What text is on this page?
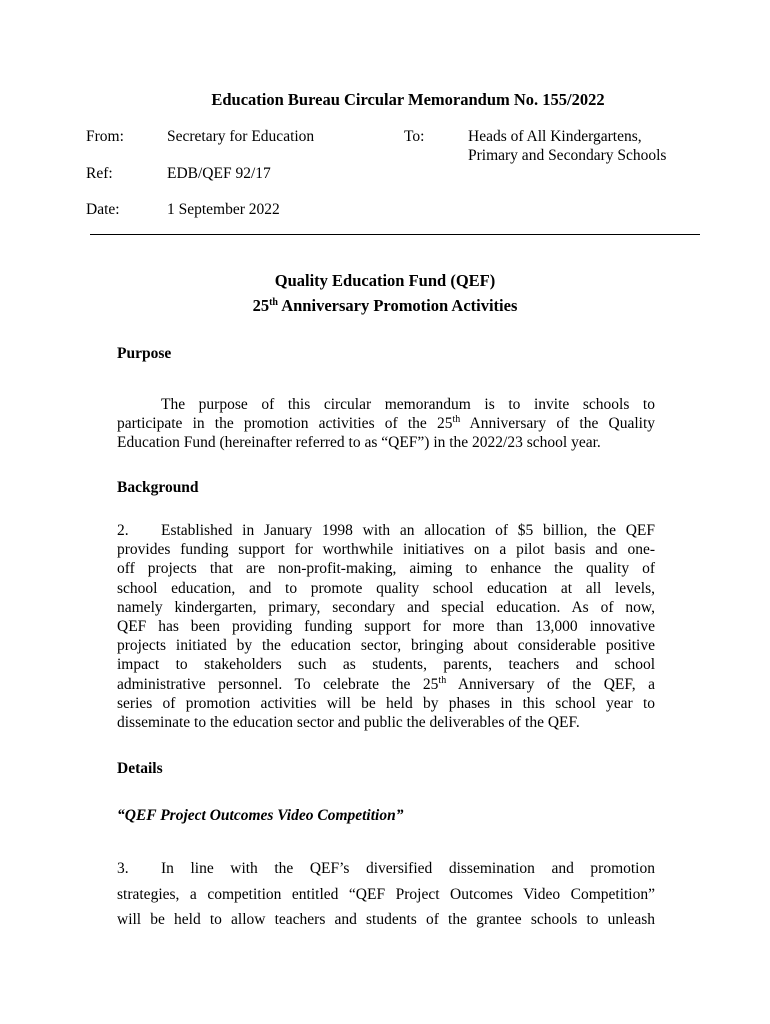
Education Bureau Circular Memorandum No. 155/2022
From:	Secretary for Education	To:	Heads of All Kindergartens,
Primary and Secondary Schools
Ref:	EDB/QEF 92/17
Date:	1 September 2022
Quality Education Fund (QEF)
25th Anniversary Promotion Activities
Purpose
The purpose of this circular memorandum is to invite schools to
participate in the promotion activities of the 25th Anniversary of the Quality
Education Fund (hereinafter referred to as “QEF”) in the 2022/23 school year.
Background
2. Established in January 1998 with an allocation of $5 billion, the QEF
provides funding support for worthwhile initiatives on a pilot basis and one-
off projects that are non-profit-making, aiming to enhance the quality of
school education, and to promote quality school education at all levels,
namely kindergarten, primary, secondary and special education. As of now,
QEF has been providing funding support for more than 13,000 innovative
projects initiated by the education sector, bringing about considerable positive
impact to stakeholders such as students, parents, teachers and school
administrative personnel. To celebrate the 25th Anniversary of the QEF, a
series of promotion activities will be held by phases in this school year to
disseminate to the education sector and public the deliverables of the QEF.
Details
“QEF Project Outcomes Video Competition”
3. In line with the QEF’s diversified dissemination and promotion
strategies, a competition entitled “QEF Project Outcomes Video Competition”
will be held to allow teachers and students of the grantee schools to unleash
